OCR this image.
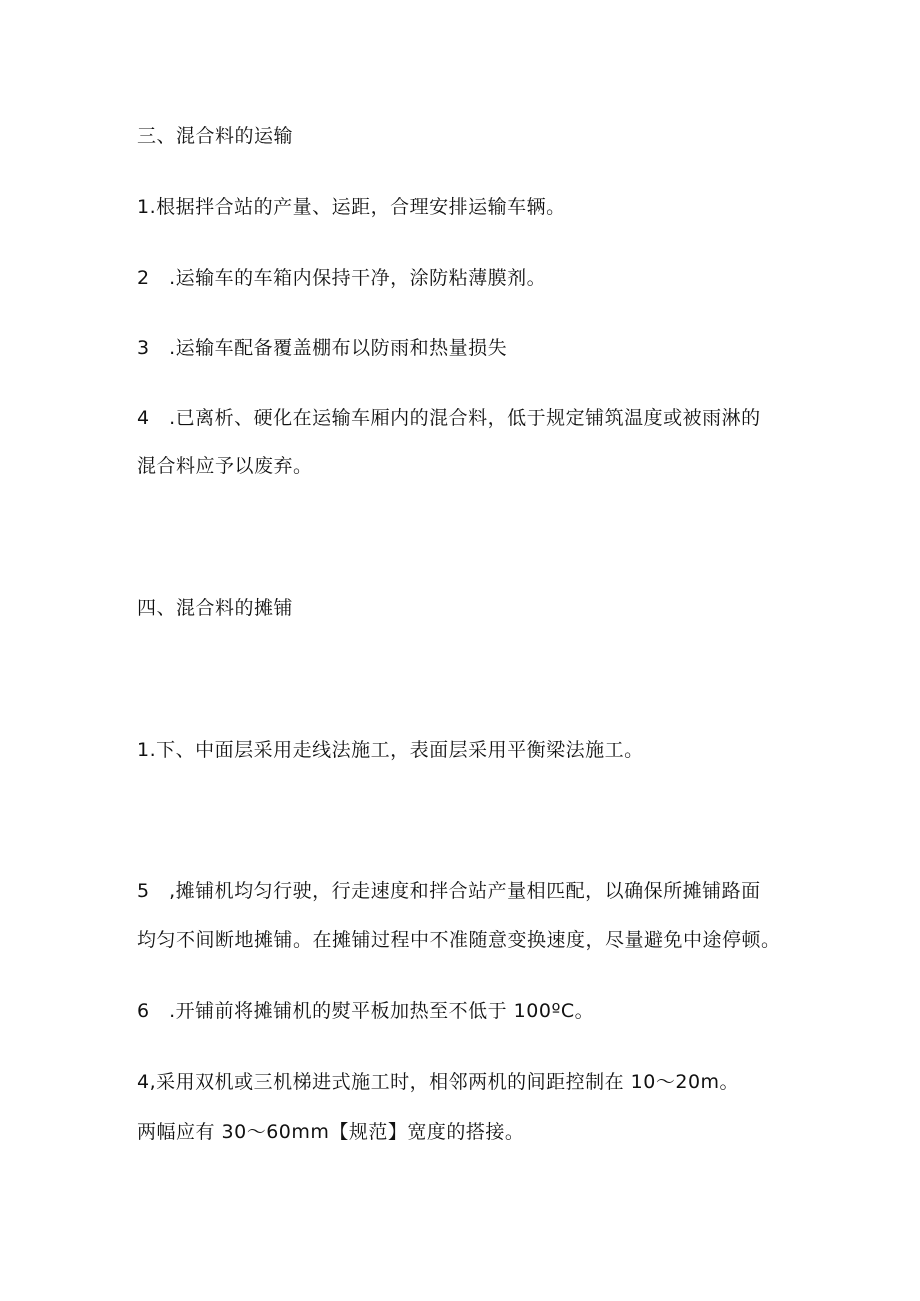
三、混合料的运输
1.根据拌合站的产量、运距，合理安排运输车辆。
2　.运输车的车箱内保持干净，涂防粘薄膜剂。
3　.运输车配备覆盖棚布以防雨和热量损失
4　.已离析、硬化在运输车厢内的混合料，低于规定铺筑温度或被雨淋的
混合料应予以废弃。
四、混合料的摊铺
1.下、中面层采用走线法施工，表面层采用平衡梁法施工。
5　,摊铺机均匀行驶，行走速度和拌合站产量相匹配，以确保所摊铺路面
均匀不间断地摊铺。在摊铺过程中不准随意变换速度，尽量避免中途停顿。
6　.开铺前将摊铺机的熨平板加热至不低于 100ºC。
4,采用双机或三机梯进式施工时，相邻两机的间距控制在 10～20m。
两幅应有 30～60mm【规范】宽度的搭接。
